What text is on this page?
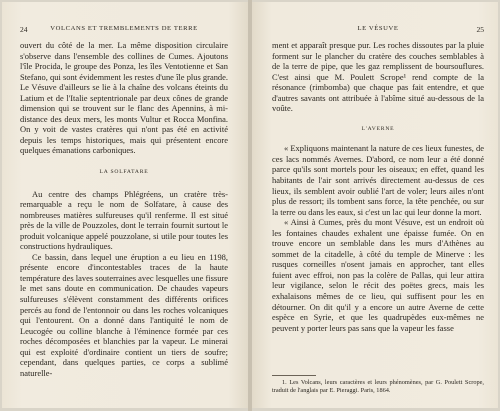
24	VOLCANS ET TREMBLEMENTS DE TERRE

ouvert du côté de la mer. La même disposition circulaire s'observe dans l'ensemble des collines de Cumes. Ajoutons l'île Procida, le groupe des Ponza, les îles Ventotienne et San Stefano, qui sont évidemment les restes d'une île plus grande. Le Vésuve d'ailleurs se lie à la chaîne des volcans éteints du Latium et de l'Italie septentrionale par deux cônes de grande dimension qui se trouvent sur le flanc des Apennins, à mi-distance des deux mers, les monts Vultur et Rocca Monfina. On y voit de vastes cratères qui n'ont pas été en activité depuis les temps historiques, mais qui présentent encore quelques émanations carboniques.

LA SOLFATARE

Au centre des champs Phlégréens, un cratère très-remarquable a reçu le nom de Solfatare, à cause des nombreuses matières sulfureuses qu'il renferme. Il est situé près de la ville de Pouzzoles, dont le terrain fournit surtout le produit volcanique appelé pouzzolane, si utile pour toutes les constructions hydrauliques.

Ce bassin, dans lequel une éruption a eu lieu en 1198, présente encore d'incontestables traces de la haute température des laves souterraines avec lesquelles une fissure le met sans doute en communication. De chaudes vapeurs sulfureuses s'élèvent constamment des différents orifices percés au fond de l'entonnoir ou dans les roches volcaniques qui l'entourent. On a donné dans l'antiquité le nom de Leucogée ou colline blanche à l'éminence formée par ces roches décomposées et blanchies par la vapeur. Le minerai qui est exploité d'ordinaire contient un tiers de soufre; cependant, dans quelques parties, ce corps a sublimé naturelle-

LE VÉSUVE	25

ment et apparaît presque pur. Les roches dissoutes par la pluie forment sur le plancher du cratère des couches semblables à de la terre de pipe, que les gaz remplissent de boursouflures. C'est ainsi que M. Poulett Scrope¹ rend compte de la résonance (rimbomba) que chaque pas fait entendre, et que d'autres savants ont attribuée à l'abîme situé au-dessous de la voûte.

L'AVERNE

« Expliquons maintenant la nature de ces lieux funestes, de ces lacs nommés Avernes. D'abord, ce nom leur a été donné parce qu'ils sont mortels pour les oiseaux; en effet, quand les habitants de l'air sont arrivés directement au-dessus de ces lieux, ils semblent avoir oublié l'art de voler; leurs ailes n'ont plus de ressort; ils tombent sans force, la tête penchée, ou sur la terre ou dans les eaux, si c'est un lac qui leur donne la mort.

« Ainsi à Cumes, près du mont Vésuve, est un endroit où les fontaines chaudes exhalent une épaisse fumée. On en trouve encore un semblable dans les murs d'Athènes au sommet de la citadelle, à côté du temple de Minerve : les rusques corneilles n'osent jamais en approcher, tant elles fuient avec effroi, non pas la colère de Pallas, qui leur attira leur vigilance, selon le récit des poëtes grecs, mais les exhalaisons mêmes de ce lieu, qui suffisent pour les en détourner. On dit qu'il y a encore un autre Averne de cette espèce en Syrie, et que les quadrupèdes eux-mêmes ne peuvent y porter leurs pas sans que la vapeur les fasse

1. Les Volcans, leurs caractères et leurs phénomènes, par G. Poulett Scrope, traduit de l'anglais par E. Pieraggi. Paris, 1864.
